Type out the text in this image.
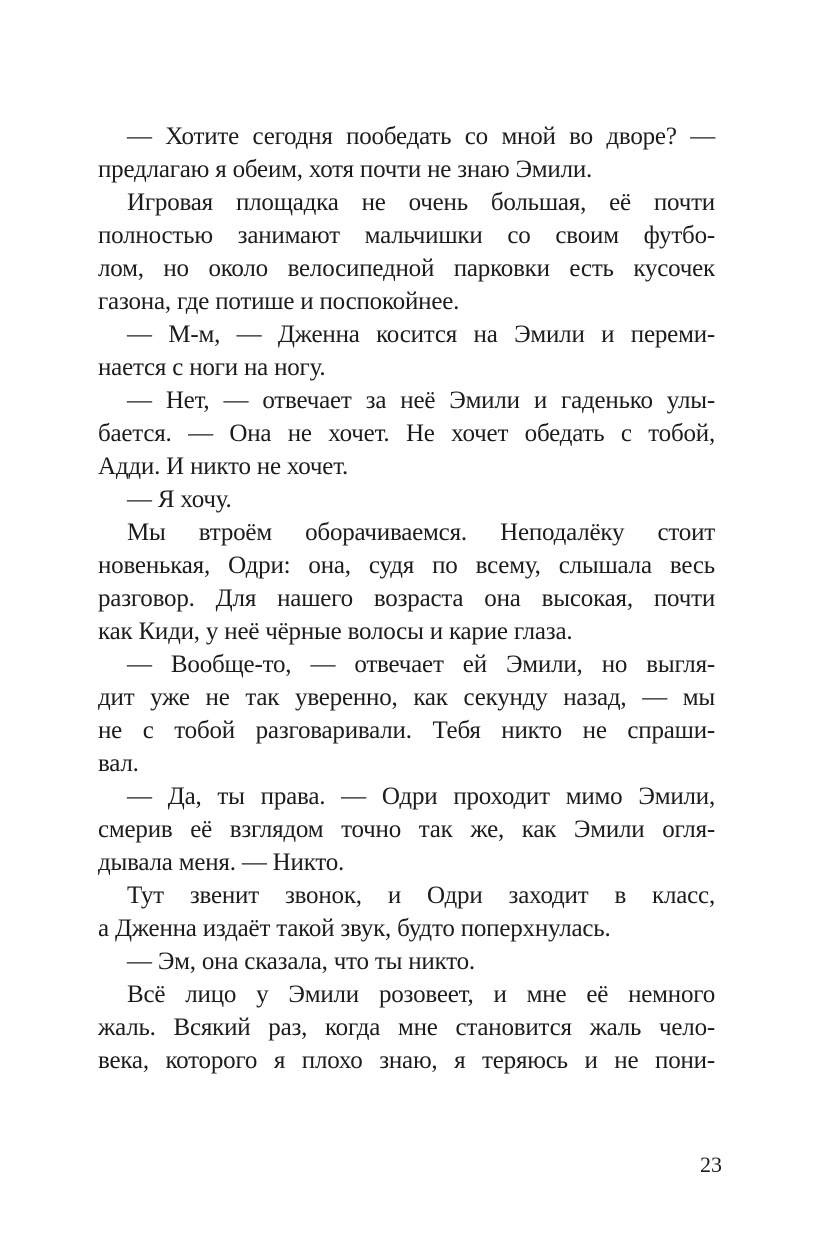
— Хотите сегодня пообедать со мной во дворе? —
предлагаю я обеим, хотя почти не знаю Эмили.
Игровая площадка не очень большая, её почти
полностью занимают мальчишки со своим футбо-
лом, но около велосипедной парковки есть кусочек
газона, где потише и поспокойнее.
— М-м, — Дженна косится на Эмили и переми-
нается с ноги на ногу.
— Нет, — отвечает за неё Эмили и гаденько улы-
бается. — Она не хочет. Не хочет обедать с тобой,
Адди. И никто не хочет.
— Я хочу.
Мы втроём оборачиваемся. Неподалёку стоит
новенькая, Одри: она, судя по всему, слышала весь
разговор. Для нашего возраста она высокая, почти
как Киди, у неё чёрные волосы и карие глаза.
— Вообще-то, — отвечает ей Эмили, но выгля-
дит уже не так уверенно, как секунду назад, — мы
не с тобой разговаривали. Тебя никто не спраши-
вал.
— Да, ты права. — Одри проходит мимо Эмили,
смерив её взглядом точно так же, как Эмили огля-
дывала меня. — Никто.
Тут звенит звонок, и Одри заходит в класс,
а Дженна издаёт такой звук, будто поперхнулась.
— Эм, она сказала, что ты никто.
Всё лицо у Эмили розовеет, и мне её немного
жаль. Всякий раз, когда мне становится жаль чело-
века, которого я плохо знаю, я теряюсь и не пони-
23
